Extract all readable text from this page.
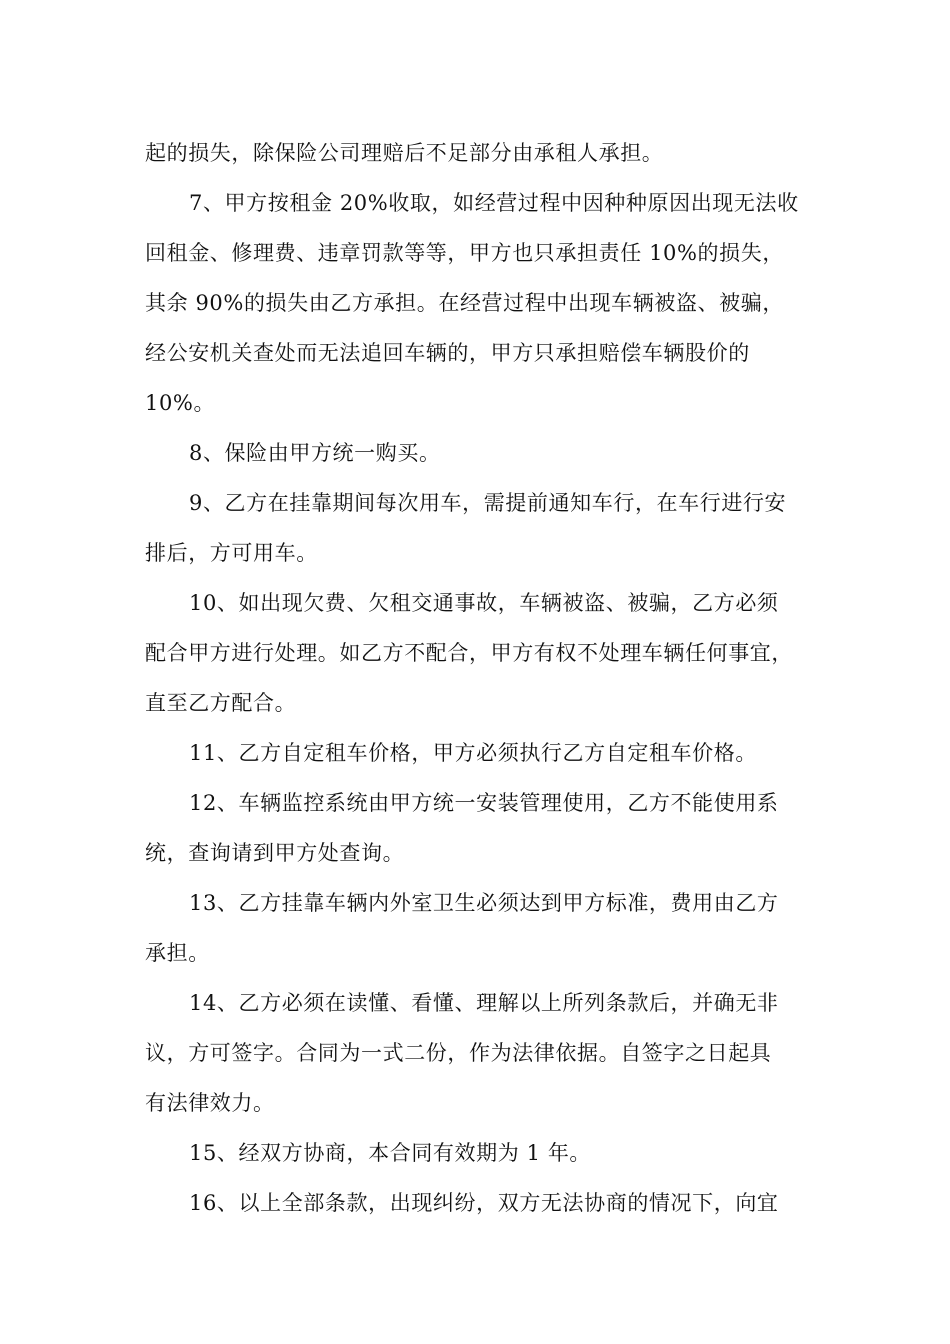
起的损失，除保险公司理赔后不足部分由承租人承担。
7、甲方按租金 20%收取，如经营过程中因种种原因出现无法收
回租金、修理费、违章罚款等等，甲方也只承担责任 10%的损失，
其余 90%的损失由乙方承担。在经营过程中出现车辆被盗、被骗，
经公安机关查处而无法追回车辆的，甲方只承担赔偿车辆股价的
10%。
8、保险由甲方统一购买。
9、乙方在挂靠期间每次用车，需提前通知车行，在车行进行安
排后，方可用车。
10、如出现欠费、欠租交通事故，车辆被盗、被骗，乙方必须
配合甲方进行处理。如乙方不配合，甲方有权不处理车辆任何事宜，
直至乙方配合。
11、乙方自定租车价格，甲方必须执行乙方自定租车价格。
12、车辆监控系统由甲方统一安装管理使用，乙方不能使用系
统，查询请到甲方处查询。
13、乙方挂靠车辆内外室卫生必须达到甲方标准，费用由乙方
承担。
14、乙方必须在读懂、看懂、理解以上所列条款后，并确无非
议，方可签字。合同为一式二份，作为法律依据。自签字之日起具
有法律效力。
15、经双方协商，本合同有效期为 1 年。
16、以上全部条款，出现纠纷，双方无法协商的情况下，向宜
